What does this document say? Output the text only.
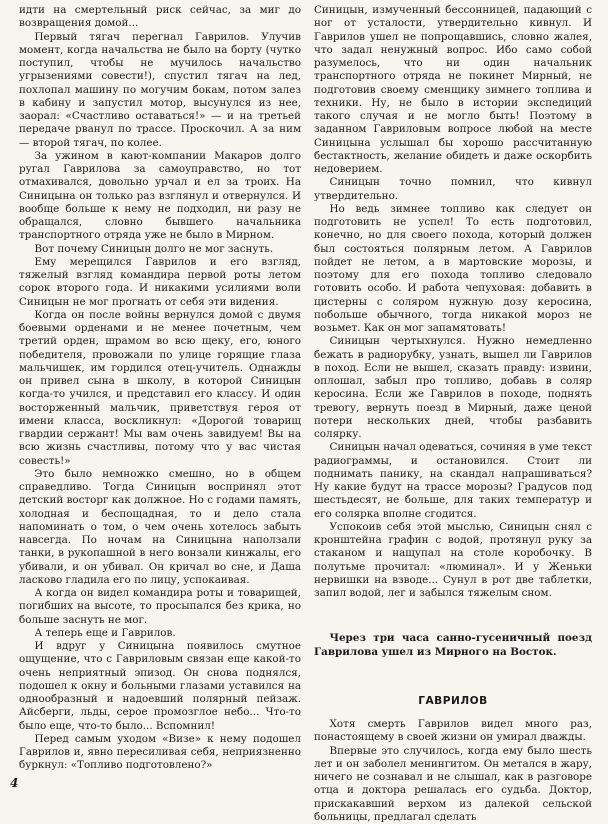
идти на смертельный риск сейчас, за миг до возвращения домой...

Первый тягач перегнал Гаврилов. Улучив момент, когда начальства не было на борту (чутко поступил, чтобы не мучилось начальство угрызениями совести!), спустил тягач на лед, похлопал машину по могучим бокам, потом залез в кабину и запустил мотор, высунулся из нее, заорал: «Счастливо оставаться!» — и на третьей передаче рванул по трассе. Проскочил. А за ним — второй тягач, по колее.

За ужином в кают-компании Макаров долго ругал Гаврилова за самоуправство, но тот отмахивался, довольно урчал и ел за троих. На Синицына он только раз взглянул и отвернулся. И вообще больше к нему не подходил, ни разу не обращался, словно бывшего начальника транспортного отряда уже не было в Мирном.

Вот почему Синицын долго не мог заснуть.

Ему мерещился Гаврилов и его взгляд, тяжелый взгляд командира первой роты летом сорок второго года. И никакими усилиями воли Синицын не мог прогнать от себя эти видения.

Когда он после войны вернулся домой с двумя боевыми орденами и не менее почетным, чем третий орден, шрамом во всю щеку, его, юного победителя, провожали по улице горящие глаза мальчишек, им гордился отец-учитель. Однажды он привел сына в школу, в которой Синицын когда-то учился, и представил его классу. И один восторженный мальчик, приветствуя героя от имени класса, воскликнул: «Дорогой товарищ гвардии сержант! Мы вам очень завидуем! Вы на всю жизнь счастливы, потому что у вас чистая совесть!»

Это было немножко смешно, но в общем справедливо. Тогда Синицын воспринял этот детский восторг как должное. Но с годами память, холодная и беспощадная, то и дело стала напоминать о том, о чем очень хотелось забыть навсегда. По ночам на Синицына наползали танки, в рукопашной в него вонзали кинжалы, его убивали, и он убивал. Он кричал во сне, и Даша ласково гладила его по лицу, успокаивая.

А когда он видел командира роты и товарищей, погибших на высоте, то просыпался без крика, но больше заснуть не мог.

А теперь еще и Гаврилов.

И вдруг у Синицына появилось смутное ощущение, что с Гавриловым связан еще какой-то очень неприятный эпизод. Он снова поднялся, подошел к окну и больными глазами уставился на однообразный и надоевший полярный пейзаж. Айсберги, льды, серое промозглое небо... Что-то было еще, что-то было... Вспомнил!

Перед самым уходом «Визе» к нему подошел Гаврилов и, явно пересиливая себя, неприязненно буркнул: «Топливо подготовлено?»

Синицын, измученный бессонницей, падающий с ног от усталости, утвердительно кивнул. И Гаврилов ушел не попрощавшись, словно жалея, что задал ненужный вопрос. Ибо само собой разумелось, что ни один начальник транспортного отряда не покинет Мирный, не подготовив своему сменщику зимнего топлива и техники. Ну, не было в истории экспедиций такого случая и не могло быть! Поэтому в заданном Гавриловым вопросе любой на месте Синицына услышал бы хорошо рассчитанную бестактность, желание обидеть и даже оскорбить недоверием.

Синицын точно помнил, что кивнул утвердительно.

Но ведь зимнее топливо как следует он подготовить не успел! То есть подготовил, конечно, но для своего похода, который должен был состояться полярным летом. А Гаврилов пойдет не летом, а в мартовские морозы, и поэтому для его похода топливо следовало готовить особо. И работа чепуховая: добавить в цистерны с соляром нужную дозу керосина, побольше обычного, тогда никакой мороз не возьмет. Как он мог запамятовать!

Синицын чертыхнулся. Нужно немедленно бежать в радиорубку, узнать, вышел ли Гаврилов в поход. Если не вышел, сказать правду: извини, оплошал, забыл про топливо, добавь в соляр керосина. Если же Гаврилов в походе, поднять тревогу, вернуть поезд в Мирный, даже ценой потери нескольких дней, чтобы разбавить солярку.

Синицын начал одеваться, сочиняя в уме текст радиограммы, и остановился. Стоит ли поднимать панику, на скандал напрашиваться? Ну какие будут на трассе морозы? Градусов под шестьдесят, не больше, для таких температур и его солярка вполне сгодится.

Успокоив себя этой мыслью, Синицын снял с кронштейна графин с водой, протянул руку за стаканом и нащупал на столе коробочку. В полутьме прочитал: «люминал». И у Женьки нервишки на взводе... Сунул в рот две таблетки, запил водой, лег и забылся тяжелым сном.

Через три часа санно-гусеничный поезд Гаврилова ушел из Мирного на Восток.

ГАВРИЛОВ

Хотя смерть Гаврилов видел много раз, понастоящему в своей жизни он умирал дважды.

Впервые это случилось, когда ему было шесть лет и он заболел менингитом. Он метался в жару, ничего не сознавал и не слышал, как в разговоре отца и доктора решалась его судьба. Доктор, прискакавший верхом из далекой сельской больницы, предлагал сделать

4
